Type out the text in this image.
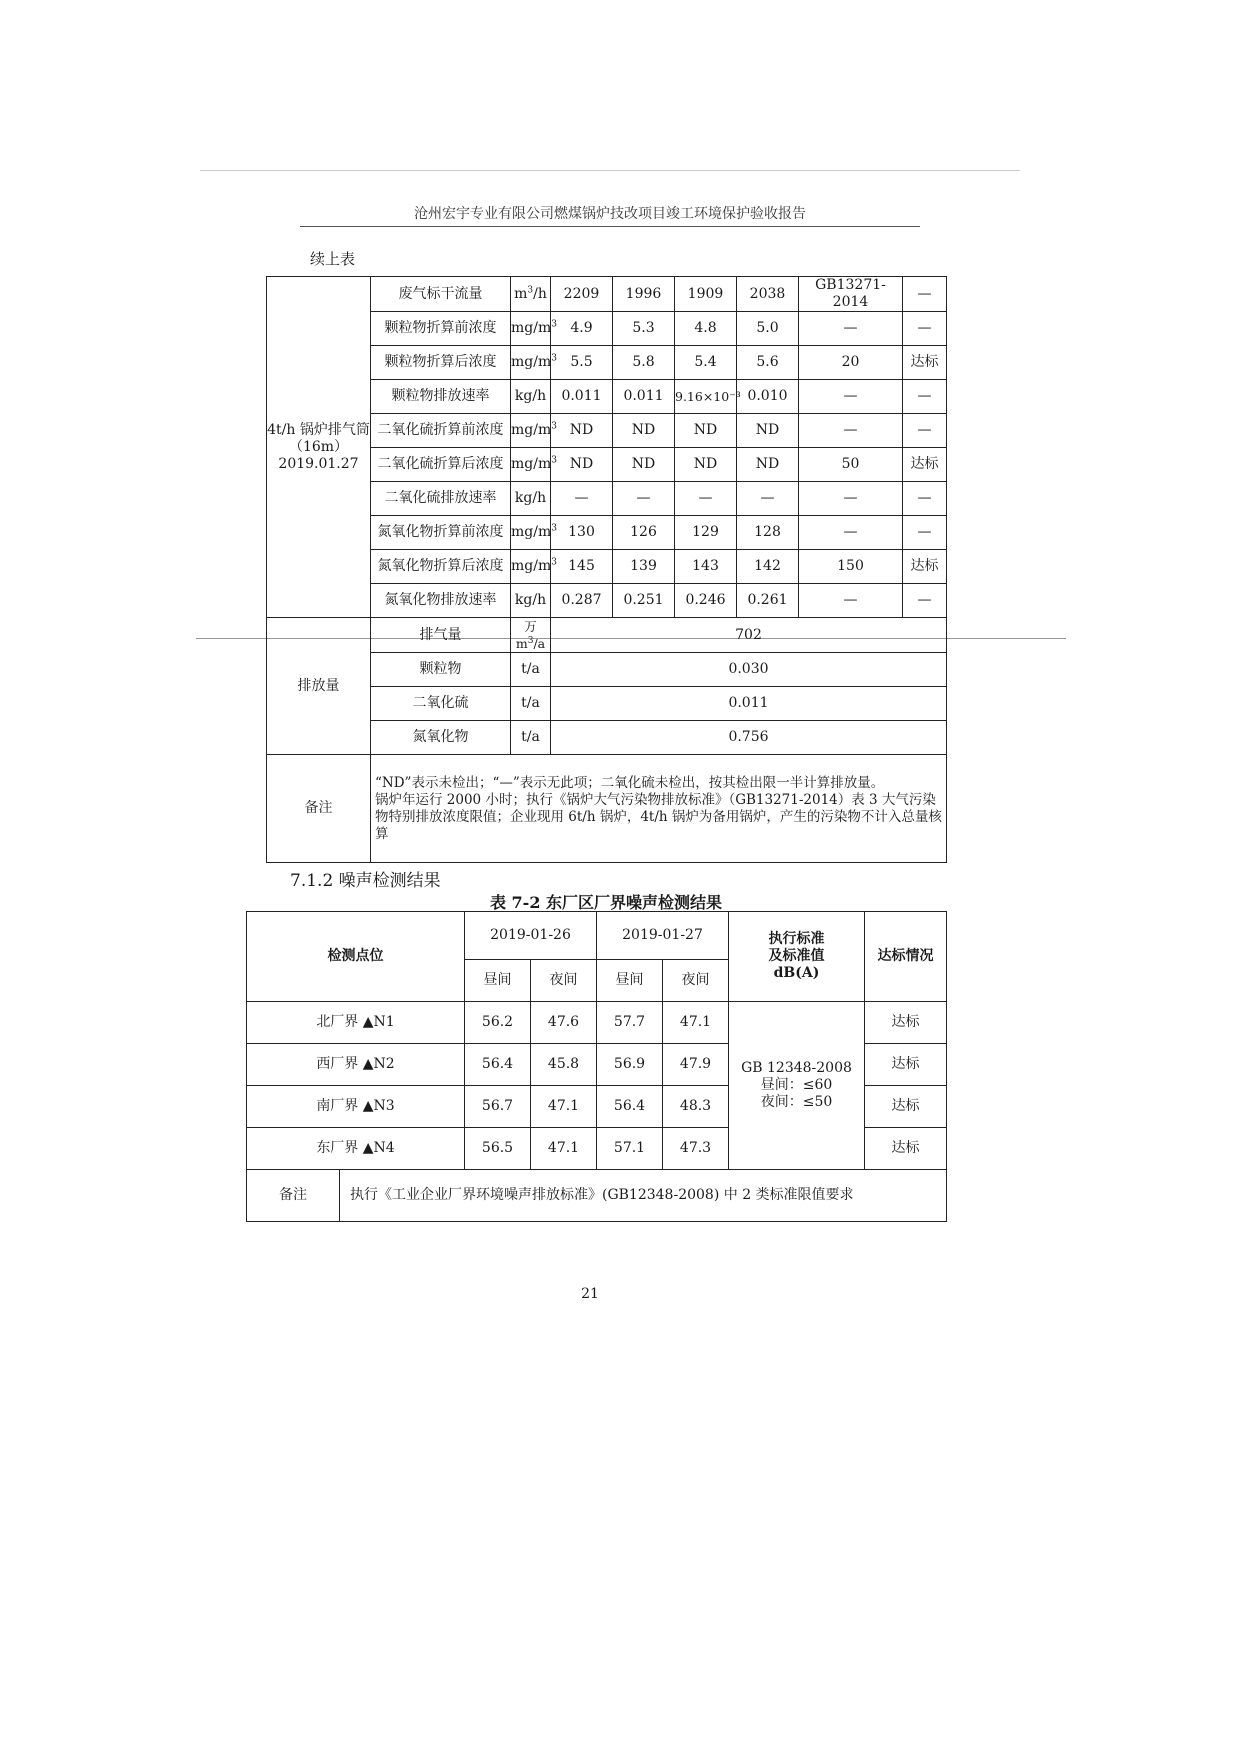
沧州宏宇专业有限公司燃煤锅炉技改项目竣工环境保护验收报告
续上表
4t/h 锅炉排气筒
（16m）
2019.01.27	废气标干流量	$m^3/h$	2209	1996	1909	2038	GB13271-2014	—
	颗粒物折算前浓度	$mg/m^3$	4.9	5.3	4.8	5.0	—	—
	颗粒物折算后浓度	$mg/m^3$	5.5	5.8	5.4	5.6	20	达标
	颗粒物排放速率	kg/h	0.011	0.011	9.16×10⁻³	0.010	—	—
	二氧化硫折算前浓度	$mg/m^3$	ND	ND	ND	ND	—	—
	二氧化硫折算后浓度	$mg/m^3$	ND	ND	ND	ND	50	达标
	二氧化硫排放速率	kg/h	—	—	—	—	—	—
	氮氧化物折算前浓度	$mg/m^3$	130	126	129	128	—	—
	氮氧化物折算后浓度	$mg/m^3$	145	139	143	142	150	达标
	氮氧化物排放速率	kg/h	0.287	0.251	0.246	0.261	—	—
排放量	排气量	万 $m^3/a$	702					
	颗粒物	t/a	0.030					
	二氧化硫	t/a	0.011					
	氮氧化物	t/a	0.756					
备注	“ND”表示未检出；“—”表示无此项；二氧化硫未检出，按其检出限一半计算排放量。
锅炉年运行 2000 小时；执行《锅炉大气污染物排放标准》（GB13271-2014）表 3 大气污染物特别排放浓度限值；企业现用 6t/h 锅炉，4t/h 锅炉为备用锅炉，产生的污染物不计入总量核算							
7.1.2 噪声检测结果
表 7-2 东厂区厂界噪声检测结果
检测点位		2019-01-26		2019-01-27		执行标准
及标准值
dB(A)	达标情况
		昼间	夜间	昼间	夜间		
北厂界 ▲N1		56.2	47.6	57.7	47.1	GB 12348-2008
昼间：≤60
夜间：≤50	达标
西厂界 ▲N2		56.4	45.8	56.9	47.9		达标
南厂界 ▲N3		56.7	47.1	56.4	48.3		达标
东厂界 ▲N4		56.5	47.1	57.1	47.3		达标
备注	执行《工业企业厂界环境噪声排放标准》(GB12348-2008) 中 2 类标准限值要求						
21
